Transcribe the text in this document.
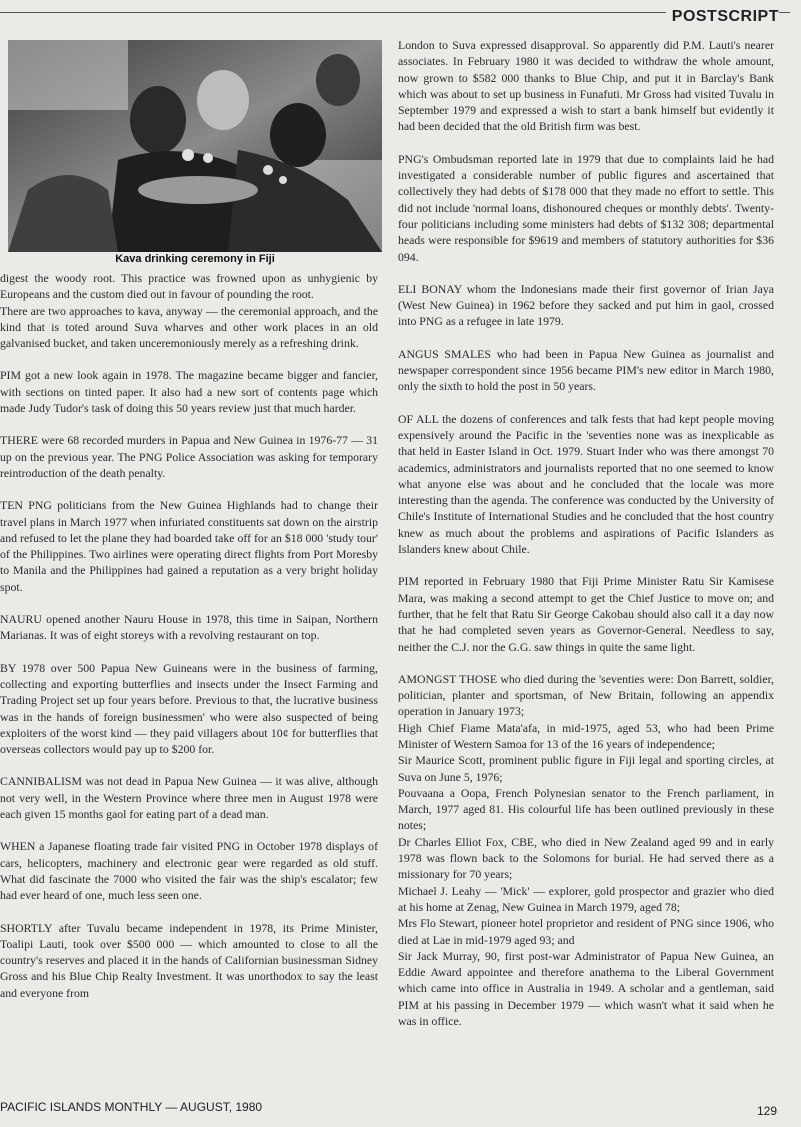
POSTSCRIPT
Kava drinking ceremony in Fiji

digest the woody root. This practice was frowned upon as unhygienic by Europeans and the custom died out in favour of pounding the root.

There are two approaches to kava, anyway — the ceremonial approach, and the kind that is toted around Suva wharves and other work places in an old galvanised bucket, and taken unceremoniously merely as a refreshing drink.

PIM got a new look again in 1978. The magazine became bigger and fancier, with sections on tinted paper. It also had a new sort of contents page which made Judy Tudor's task of doing this 50 years review just that much harder.

THERE were 68 recorded murders in Papua and New Guinea in 1976-77 — 31 up on the previous year. The PNG Police Association was asking for temporary reintroduction of the death penalty.

TEN PNG politicians from the New Guinea Highlands had to change their travel plans in March 1977 when infuriated constituents sat down on the airstrip and refused to let the plane they had boarded take off for an $18 000 'study tour' of the Philippines. Two airlines were operating direct flights from Port Moresby to Manila and the Philippines had gained a reputation as a very bright holiday spot.

NAURU opened another Nauru House in 1978, this time in Saipan, Northern Marianas. It was of eight storeys with a revolving restaurant on top.

BY 1978 over 500 Papua New Guineans were in the business of farming, collecting and exporting butterflies and insects under the Insect Farming and Trading Project set up four years before. Previous to that, the lucrative business was in the hands of foreign businessmen' who were also suspected of being exploiters of the worst kind — they paid villagers about 10¢ for butterflies that overseas collectors would pay up to $200 for.

CANNIBALISM was not dead in Papua New Guinea — it was alive, although not very well, in the Western Province where three men in August 1978 were each given 15 months gaol for eating part of a dead man.

WHEN a Japanese floating trade fair visited PNG in October 1978 displays of cars, helicopters, machinery and electronic gear were regarded as old stuff. What did fascinate the 7000 who visited the fair was the ship's escalator; few had ever heard of one, much less seen one.

SHORTLY after Tuvalu became independent in 1978, its Prime Minister, Toalipi Lauti, took over $500 000 — which amounted to close to all the country's reserves and placed it in the hands of Californian businessman Sidney Gross and his Blue Chip Realty Investment. It was unorthodox to say the least and everyone from

London to Suva expressed disapproval. So apparently did P.M. Lauti's nearer associates. In February 1980 it was decided to withdraw the whole amount, now grown to $582 000 thanks to Blue Chip, and put it in Barclay's Bank which was about to set up business in Funafuti. Mr Gross had visited Tuvalu in September 1979 and expressed a wish to start a bank himself but evidently it had been decided that the old British firm was best.

PNG's Ombudsman reported late in 1979 that due to complaints laid he had investigated a considerable number of public figures and ascertained that collectively they had debts of $178 000 that they made no effort to settle. This did not include 'normal loans, dishonoured cheques or monthly debts'. Twenty-four politicians including some ministers had debts of $132 308; departmental heads were responsible for $9619 and members of statutory authorities for $36 094.

ELI BONAY whom the Indonesians made their first governor of Irian Jaya (West New Guinea) in 1962 before they sacked and put him in gaol, crossed into PNG as a refugee in late 1979.

ANGUS SMALES who had been in Papua New Guinea as journalist and newspaper correspondent since 1956 became PIM's new editor in March 1980, only the sixth to hold the post in 50 years.

OF ALL the dozens of conferences and talk fests that had kept people moving expensively around the Pacific in the 'seventies none was as inexplicable as that held in Easter Island in Oct. 1979. Stuart Inder who was there amongst 70 academics, administrators and journalists reported that no one seemed to know what anyone else was about and he concluded that the locale was more interesting than the agenda. The conference was conducted by the University of Chile's Institute of International Studies and he concluded that the host country knew as much about the problems and aspirations of Pacific Islanders as Islanders knew about Chile.

PIM reported in February 1980 that Fiji Prime Minister Ratu Sir Kamisese Mara, was making a second attempt to get the Chief Justice to move on; and further, that he felt that Ratu Sir George Cakobau should also call it a day now that he had completed seven years as Governor-General. Needless to say, neither the C.J. nor the G.G. saw things in quite the same light.

AMONGST THOSE who died during the 'seventies were: Don Barrett, soldier, politician, planter and sportsman, of New Britain, following an appendix operation in January 1973;

High Chief Fiame Mata'afa, in mid-1975, aged 53, who had been Prime Minister of Western Samoa for 13 of the 16 years of independence;

Sir Maurice Scott, prominent public figure in Fiji legal and sporting circles, at Suva on June 5, 1976;

Pouvaana a Oopa, French Polynesian senator to the French parliament, in March, 1977 aged 81. His colourful life has been outlined previously in these notes;

Dr Charles Elliot Fox, CBE, who died in New Zealand aged 99 and in early 1978 was flown back to the Solomons for burial. He had served there as a missionary for 70 years;

Michael J. Leahy — 'Mick' — explorer, gold prospector and grazier who died at his home at Zenag, New Guinea in March 1979, aged 78;

Mrs Flo Stewart, pioneer hotel proprietor and resident of PNG since 1906, who died at Lae in mid-1979 aged 93; and

Sir Jack Murray, 90, first post-war Administrator of Papua New Guinea, an Eddie Award appointee and therefore anathema to the Liberal Government which came into office in Australia in 1949. A scholar and a gentleman, said PIM at his passing in December 1979 — which wasn't what it said when he was in office.

PACIFIC ISLANDS MONTHLY — AUGUST, 1980	129
